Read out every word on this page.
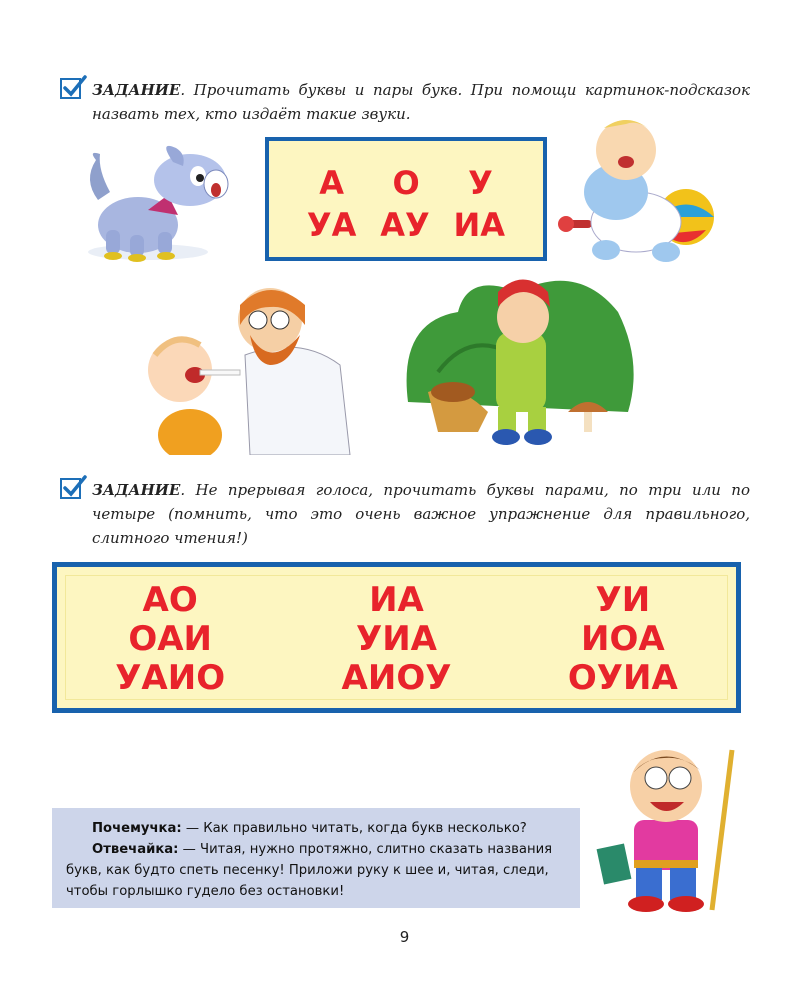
ЗАДАНИЕ. Прочитать буквы и пары букв. При помощи картинок-подсказок назвать тех, кто издаёт такие звуки.
А О У
УА АУ ИА
ЗАДАНИЕ. Не прерывая голоса, прочитать буквы парами, по три или по четыре (помнить, что это очень важное упражнение для правильного, слитного чтения!)
АО	ИА	УИ
ОАИ	УИА	ИОА
УАИО	АИОУ	ОУИА

Почемучка: — Как правильно читать, когда букв несколько?

Отвечайка: — Читая, нужно протяжно, слитно сказать названия букв, как будто спеть песенку! Приложи руку к шее и, читая, следи, чтобы горлышко гудело без остановки!

9
